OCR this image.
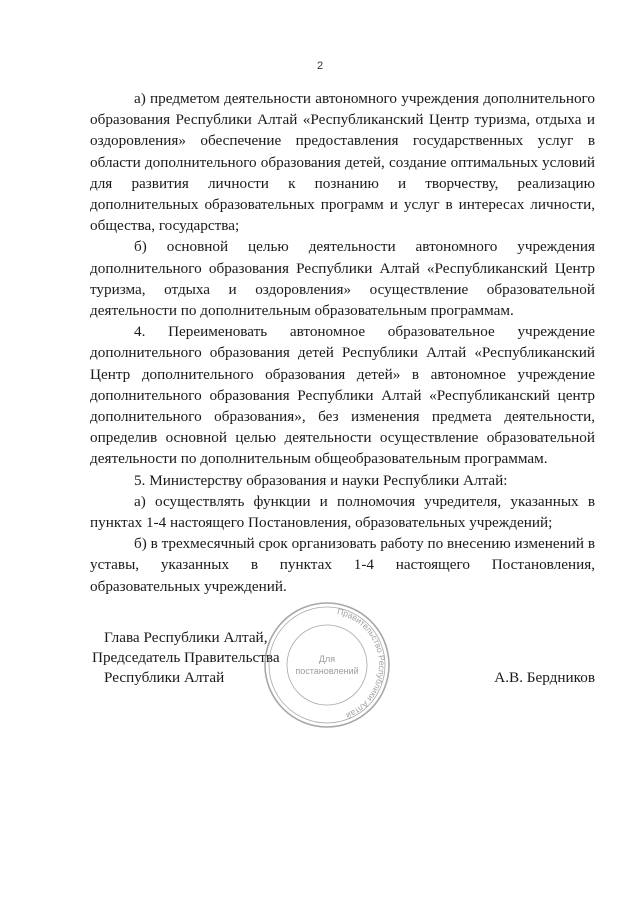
2

а) предметом деятельности автономного учреждения дополнительного образования Республики Алтай «Республиканский Центр туризма, отдыха и оздоровления» обеспечение предоставления государственных услуг в области дополнительного образования детей, создание оптимальных условий для развития личности к познанию и творчеству, реализацию дополнительных образовательных программ и услуг в интересах личности, общества, государства;

б) основной целью деятельности автономного учреждения дополнительного образования Республики Алтай «Республиканский Центр туризма, отдыха и оздоровления» осуществление образовательной деятельности по дополнительным образовательным программам.

4. Переименовать автономное образовательное учреждение дополнительного образования детей Республики Алтай «Республиканский Центр дополнительного образования детей» в автономное учреждение дополнительного образования Республики Алтай «Республиканский центр дополнительного образования», без изменения предмета деятельности, определив основной целью деятельности осуществление образовательной деятельности по дополнительным общеобразовательным программам.

5. Министерству образования и науки Республики Алтай:

а) осуществлять функции и полномочия учредителя, указанных в пунктах 1-4 настоящего Постановления, образовательных учреждений;

б) в трехмесячный срок организовать работу по внесению изменений в уставы, указанных в пунктах 1-4 настоящего Постановления, образовательных учреждений.

Глава Республики Алтай,
Председатель Правительства
Республики Алтай	А.В. Бердников
Правительство Республики Алтай
Для
постановлений
